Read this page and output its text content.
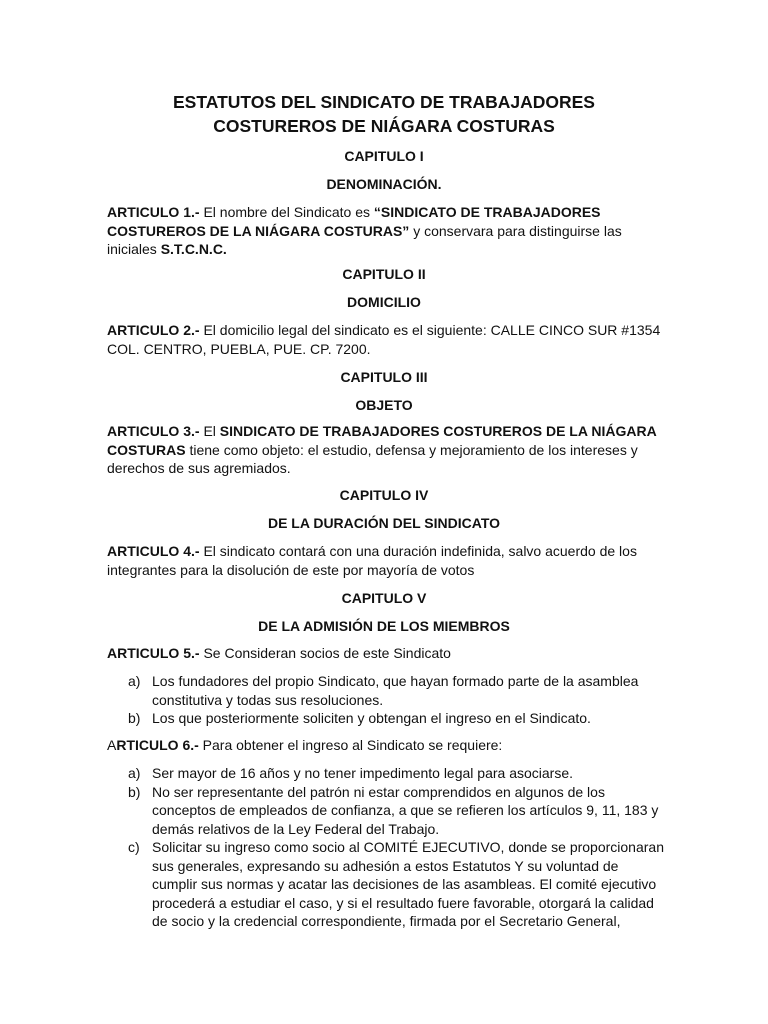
ESTATUTOS DEL SINDICATO DE TRABAJADORES
COSTUREROS DE NIÁGARA COSTURAS
CAPITULO I
DENOMINACIÓN.
ARTICULO 1.- El nombre del Sindicato es “SINDICATO DE TRABAJADORES COSTUREROS DE LA NIÁGARA COSTURAS” y conservara para distinguirse las iniciales S.T.C.N.C.
CAPITULO II
DOMICILIO
ARTICULO 2.- El domicilio legal del sindicato es el siguiente: CALLE CINCO SUR #1354 COL. CENTRO, PUEBLA, PUE. CP. 7200.
CAPITULO III
OBJETO
ARTICULO 3.- El SINDICATO DE TRABAJADORES COSTUREROS DE LA NIÁGARA COSTURAS tiene como objeto: el estudio, defensa y mejoramiento de los intereses y derechos de sus agremiados.
CAPITULO IV
DE LA DURACIÓN DEL SINDICATO
ARTICULO 4.- El sindicato contará con una duración indefinida, salvo acuerdo de los integrantes para la disolución de este por mayoría de votos
CAPITULO V
DE LA ADMISIÓN DE LOS MIEMBROS
ARTICULO 5.- Se Consideran socios de este Sindicato
a) Los fundadores del propio Sindicato, que hayan formado parte de la asamblea constitutiva y todas sus resoluciones.
b) Los que posteriormente soliciten y obtengan el ingreso en el Sindicato.
ARTICULO 6.- Para obtener el ingreso al Sindicato se requiere:
a) Ser mayor de 16 años y no tener impedimento legal para asociarse.
b) No ser representante del patrón ni estar comprendidos en algunos de los conceptos de empleados de confianza, a que se refieren los artículos 9, 11, 183 y demás relativos de la Ley Federal del Trabajo.
c) Solicitar su ingreso como socio al COMITÉ EJECUTIVO, donde se proporcionaran sus generales, expresando su adhesión a estos Estatutos Y su voluntad de cumplir sus normas y acatar las decisiones de las asambleas. El comité ejecutivo procederá a estudiar el caso, y si el resultado fuere favorable, otorgará la calidad de socio y la credencial correspondiente, firmada por el Secretario General,
